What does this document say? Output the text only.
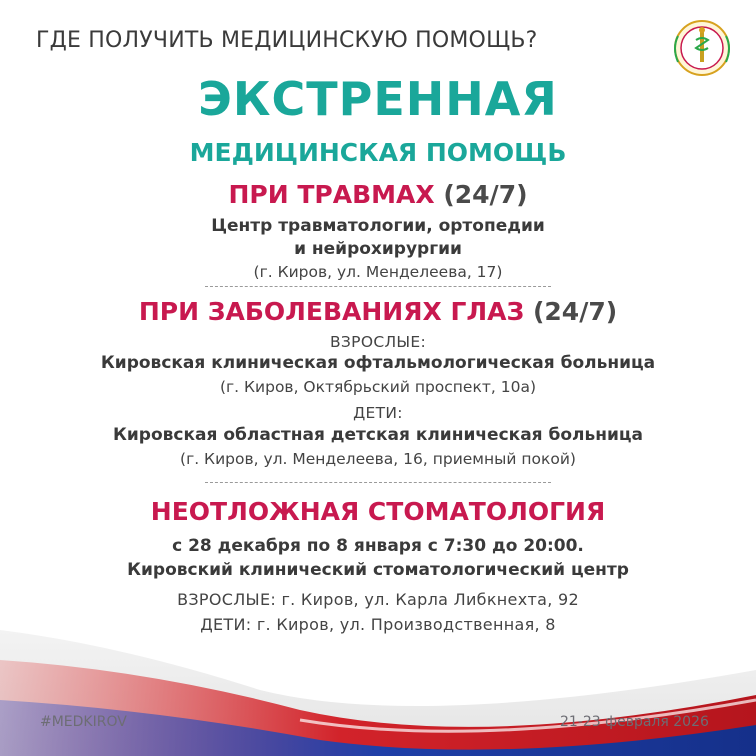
ГДЕ ПОЛУЧИТЬ МЕДИЦИНСКУЮ ПОМОЩЬ?
ЭКСТРЕННАЯ
МЕДИЦИНСКАЯ ПОМОЩЬ
ПРИ ТРАВМАХ (24/7)
Центр травматологии, ортопедии
и нейрохирургии
(г. Киров, ул. Менделеева, 17)
ПРИ ЗАБОЛЕВАНИЯХ ГЛАЗ (24/7)
ВЗРОСЛЫЕ:
Кировская клиническая офтальмологическая больница
(г. Киров, Октябрьский проспект, 10а)
ДЕТИ:
Кировская областная детская клиническая больница
(г. Киров, ул. Менделеева, 16, приемный покой)
НЕОТЛОЖНАЯ СТОМАТОЛОГИЯ
с 28 декабря по 8 января с 7:30 до 20:00.
Кировский клинический стоматологический центр
ВЗРОСЛЫЕ: г. Киров, ул. Карла Либкнехта, 92
ДЕТИ: г. Киров, ул. Производственная, 8
#MEDKIROV	21-23 февраля 2026
